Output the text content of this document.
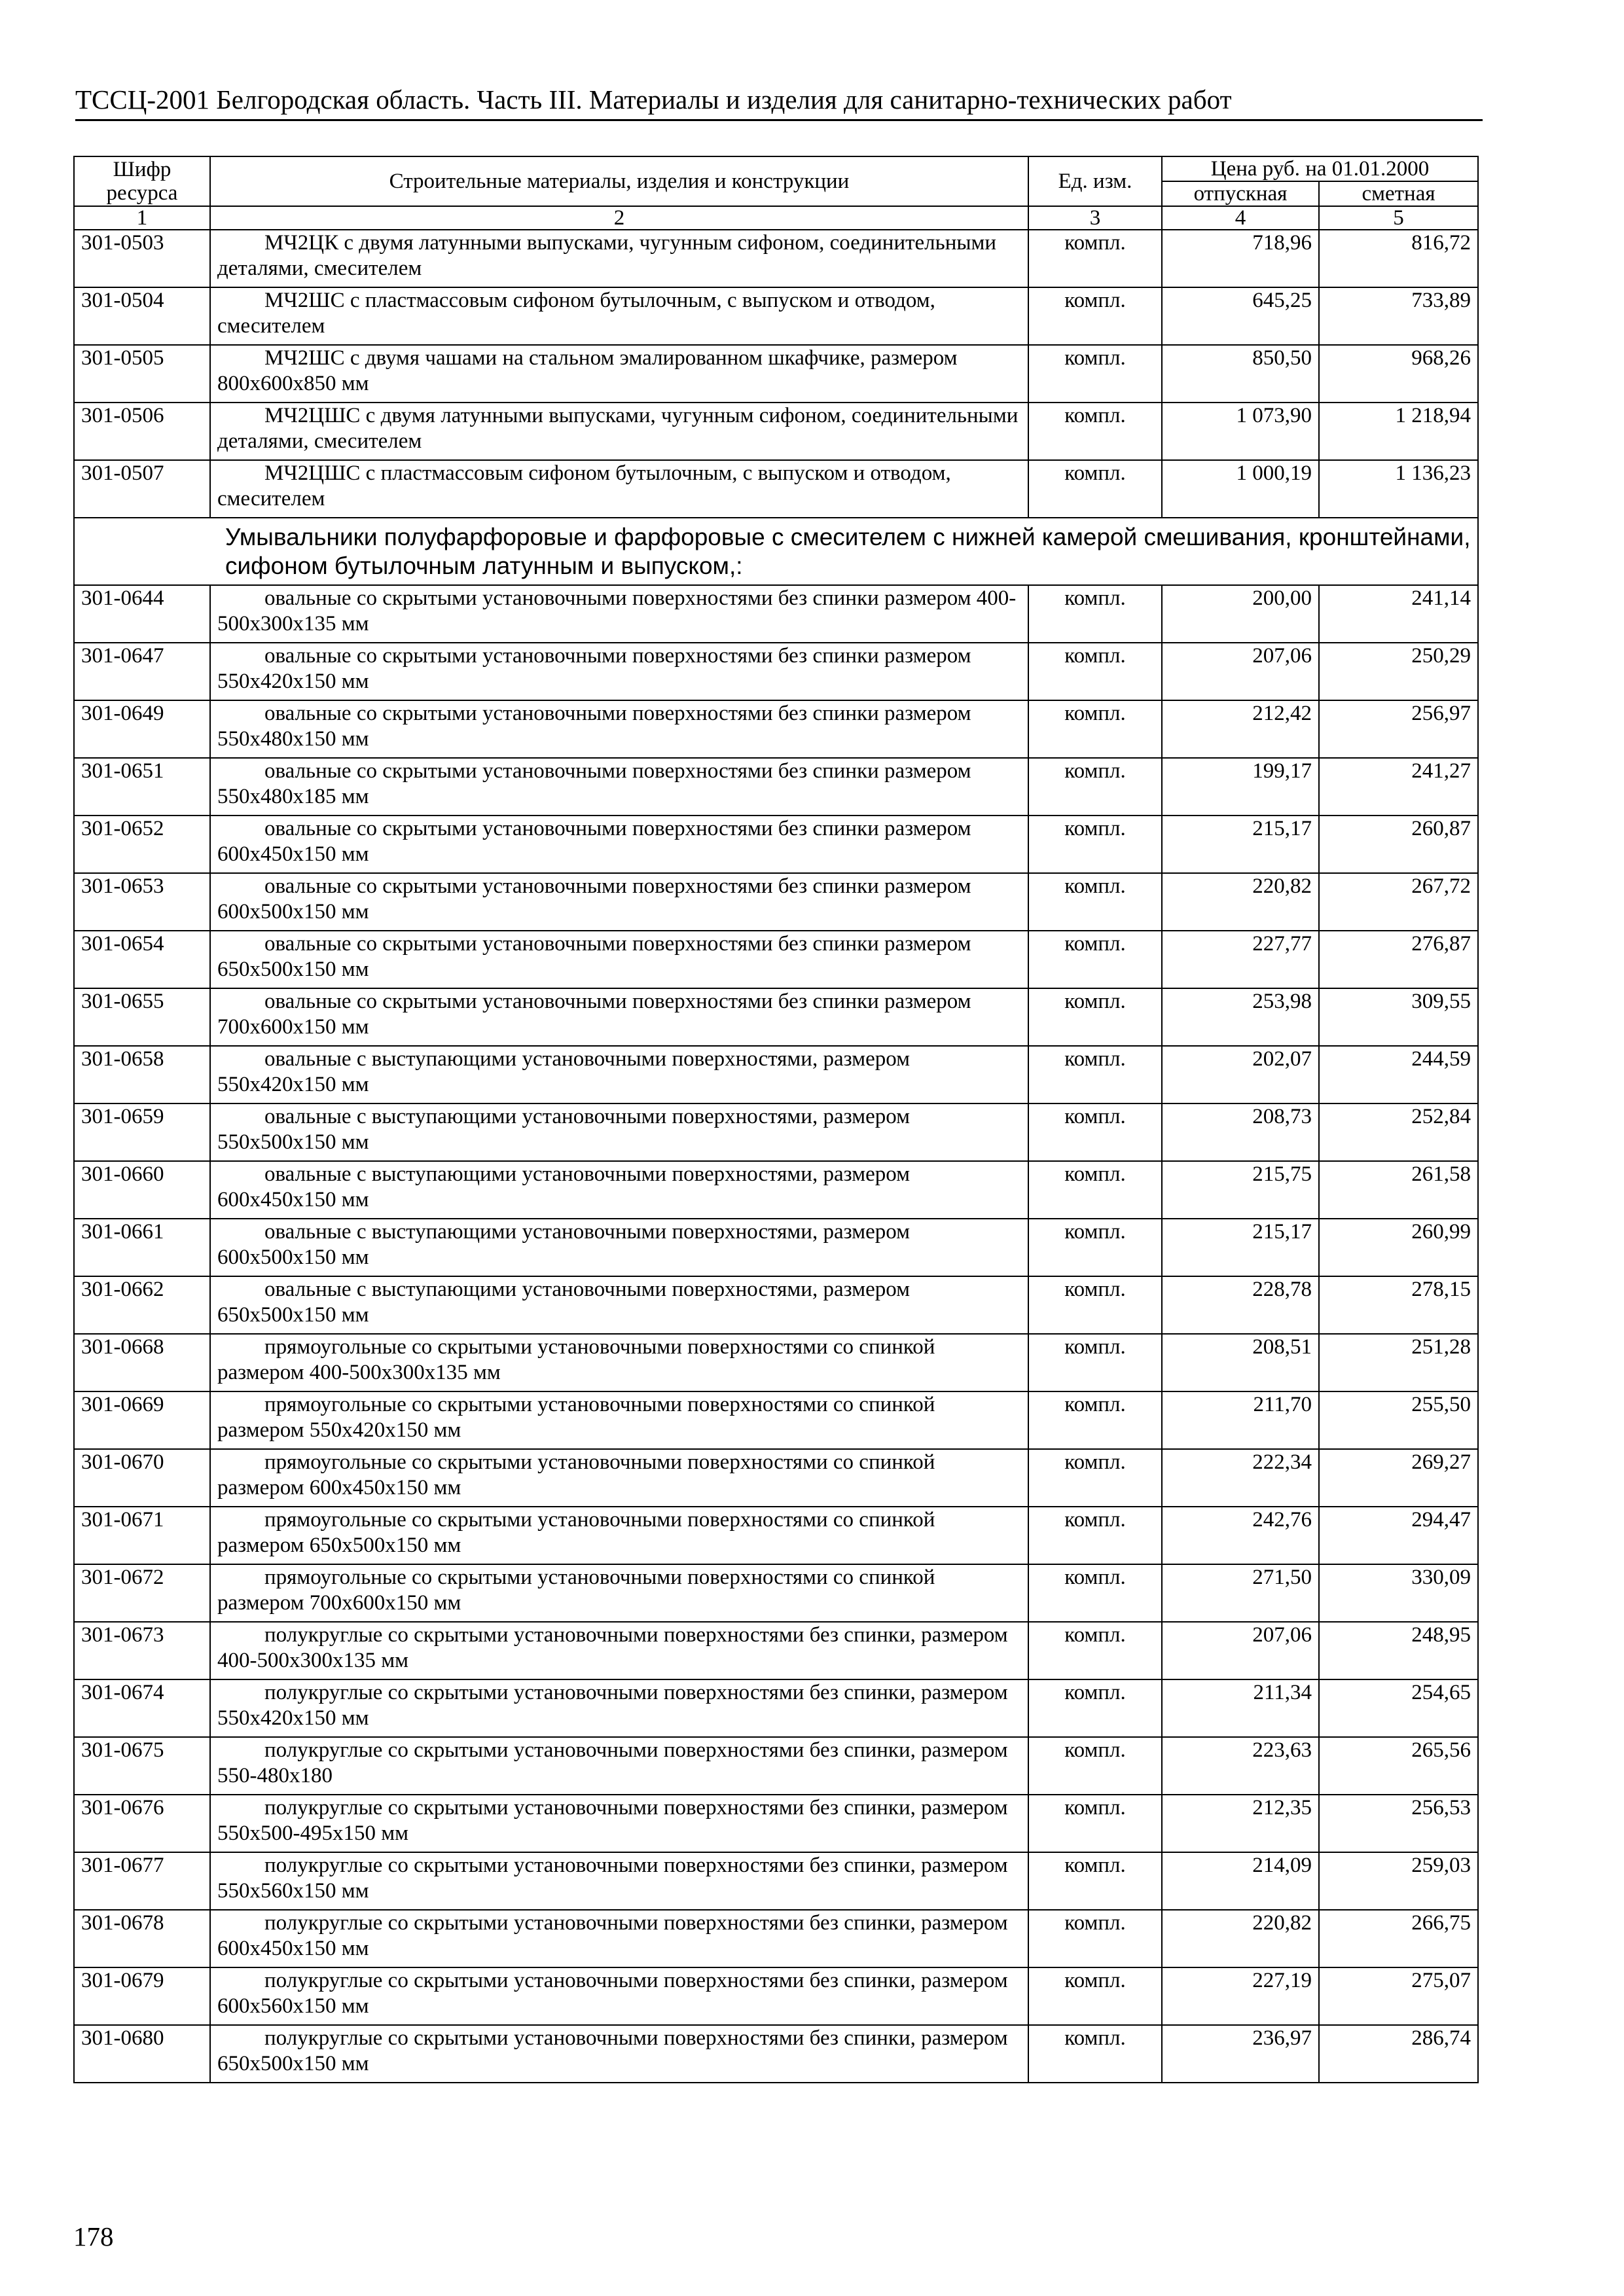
ТССЦ-2001 Белгородская область. Часть III. Материалы и изделия для санитарно-технических работ
Шифр ресурса	Строительные материалы, изделия и конструкции	Ед. изм.	Цена руб. на 01.01.2000	
			отпускная	сметная
1	2	3	4	5
301-0503	МЧ2ЦК с двумя латунными выпусками, чугунным сифоном, соединительными деталями, смесителем	компл.	718,96	816,72
301-0504	МЧ2ШС с пластмассовым сифоном бутылочным, с выпуском и отводом, смесителем	компл.	645,25	733,89
301-0505	МЧ2ШС с двумя чашами на стальном эмалированном шкафчике, размером 800x600x850 мм	компл.	850,50	968,26
301-0506	МЧ2ЦШС с двумя латунными выпусками, чугунным сифоном, соединительными деталями, смесителем	компл.	1 073,90	1 218,94
301-0507	МЧ2ЦШС с пластмассовым сифоном бутылочным, с выпуском и отводом, смесителем	компл.	1 000,19	1 136,23
Умывальники полуфарфоровые и фарфоровые с смесителем с нижней камерой смешивания, кронштейнами, сифоном бутылочным латунным и выпуском,:				
301-0644	овальные со скрытыми установочными поверхностями без спинки размером 400-500x300x135 мм	компл.	200,00	241,14
301-0647	овальные со скрытыми установочными поверхностями без спинки размером 550x420x150 мм	компл.	207,06	250,29
301-0649	овальные со скрытыми установочными поверхностями без спинки размером 550x480x150 мм	компл.	212,42	256,97
301-0651	овальные со скрытыми установочными поверхностями без спинки размером 550x480x185 мм	компл.	199,17	241,27
301-0652	овальные со скрытыми установочными поверхностями без спинки размером 600x450x150 мм	компл.	215,17	260,87
301-0653	овальные со скрытыми установочными поверхностями без спинки размером 600x500x150 мм	компл.	220,82	267,72
301-0654	овальные со скрытыми установочными поверхностями без спинки размером 650x500x150 мм	компл.	227,77	276,87
301-0655	овальные со скрытыми установочными поверхностями без спинки размером 700x600x150 мм	компл.	253,98	309,55
301-0658	овальные с выступающими установочными поверхностями, размером 550x420x150 мм	компл.	202,07	244,59
301-0659	овальные с выступающими установочными поверхностями, размером 550x500x150 мм	компл.	208,73	252,84
301-0660	овальные с выступающими установочными поверхностями, размером 600x450x150 мм	компл.	215,75	261,58
301-0661	овальные с выступающими установочными поверхностями, размером 600x500x150 мм	компл.	215,17	260,99
301-0662	овальные с выступающими установочными поверхностями, размером 650x500x150 мм	компл.	228,78	278,15
301-0668	прямоугольные со скрытыми установочными поверхностями со спинкой размером 400-500x300x135 мм	компл.	208,51	251,28
301-0669	прямоугольные со скрытыми установочными поверхностями со спинкой размером 550x420x150 мм	компл.	211,70	255,50
301-0670	прямоугольные со скрытыми установочными поверхностями со спинкой размером 600x450x150 мм	компл.	222,34	269,27
301-0671	прямоугольные со скрытыми установочными поверхностями со спинкой размером 650x500x150 мм	компл.	242,76	294,47
301-0672	прямоугольные со скрытыми установочными поверхностями со спинкой размером 700x600x150 мм	компл.	271,50	330,09
301-0673	полукруглые со скрытыми установочными поверхностями без спинки, размером 400-500x300x135 мм	компл.	207,06	248,95
301-0674	полукруглые со скрытыми установочными поверхностями без спинки, размером 550x420x150 мм	компл.	211,34	254,65
301-0675	полукруглые со скрытыми установочными поверхностями без спинки, размером 550-480x180	компл.	223,63	265,56
301-0676	полукруглые со скрытыми установочными поверхностями без спинки, размером 550x500-495x150 мм	компл.	212,35	256,53
301-0677	полукруглые со скрытыми установочными поверхностями без спинки, размером 550x560x150 мм	компл.	214,09	259,03
301-0678	полукруглые со скрытыми установочными поверхностями без спинки, размером 600x450x150 мм	компл.	220,82	266,75
301-0679	полукруглые со скрытыми установочными поверхностями без спинки, размером 600x560x150 мм	компл.	227,19	275,07
301-0680	полукруглые со скрытыми установочными поверхностями без спинки, размером 650x500x150 мм	компл.	236,97	286,74
178
